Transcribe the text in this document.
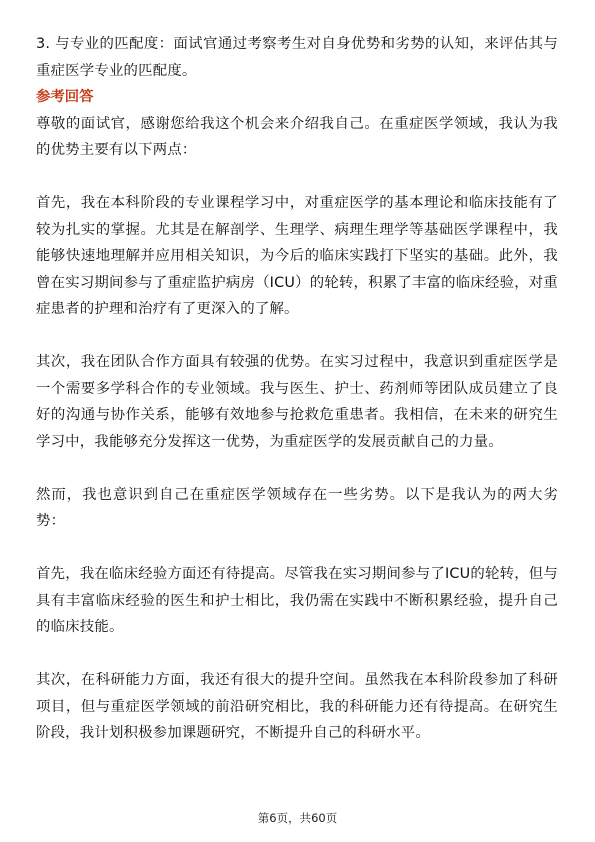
3. 与专业的匹配度：面试官通过考察考生对自身优势和劣势的认知，来评估其与重症医学专业的匹配度。

参考回答

尊敬的面试官，感谢您给我这个机会来介绍我自己。在重症医学领域，我认为我的优势主要有以下两点：

首先，我在本科阶段的专业课程学习中，对重症医学的基本理论和临床技能有了较为扎实的掌握。尤其是在解剖学、生理学、病理生理学等基础医学课程中，我能够快速地理解并应用相关知识，为今后的临床实践打下坚实的基础。此外，我曾在实习期间参与了重症监护病房（ICU）的轮转，积累了丰富的临床经验，对重症患者的护理和治疗有了更深入的了解。

其次，我在团队合作方面具有较强的优势。在实习过程中，我意识到重症医学是一个需要多学科合作的专业领域。我与医生、护士、药剂师等团队成员建立了良好的沟通与协作关系，能够有效地参与抢救危重患者。我相信，在未来的研究生学习中，我能够充分发挥这一优势，为重症医学的发展贡献自己的力量。

然而，我也意识到自己在重症医学领域存在一些劣势。以下是我认为的两大劣势：

首先，我在临床经验方面还有待提高。尽管我在实习期间参与了ICU的轮转，但与具有丰富临床经验的医生和护士相比，我仍需在实践中不断积累经验，提升自己的临床技能。

其次，在科研能力方面，我还有很大的提升空间。虽然我在本科阶段参加了科研项目，但与重症医学领域的前沿研究相比，我的科研能力还有待提高。在研究生阶段，我计划积极参加课题研究，不断提升自己的科研水平。

第6页，共60页
